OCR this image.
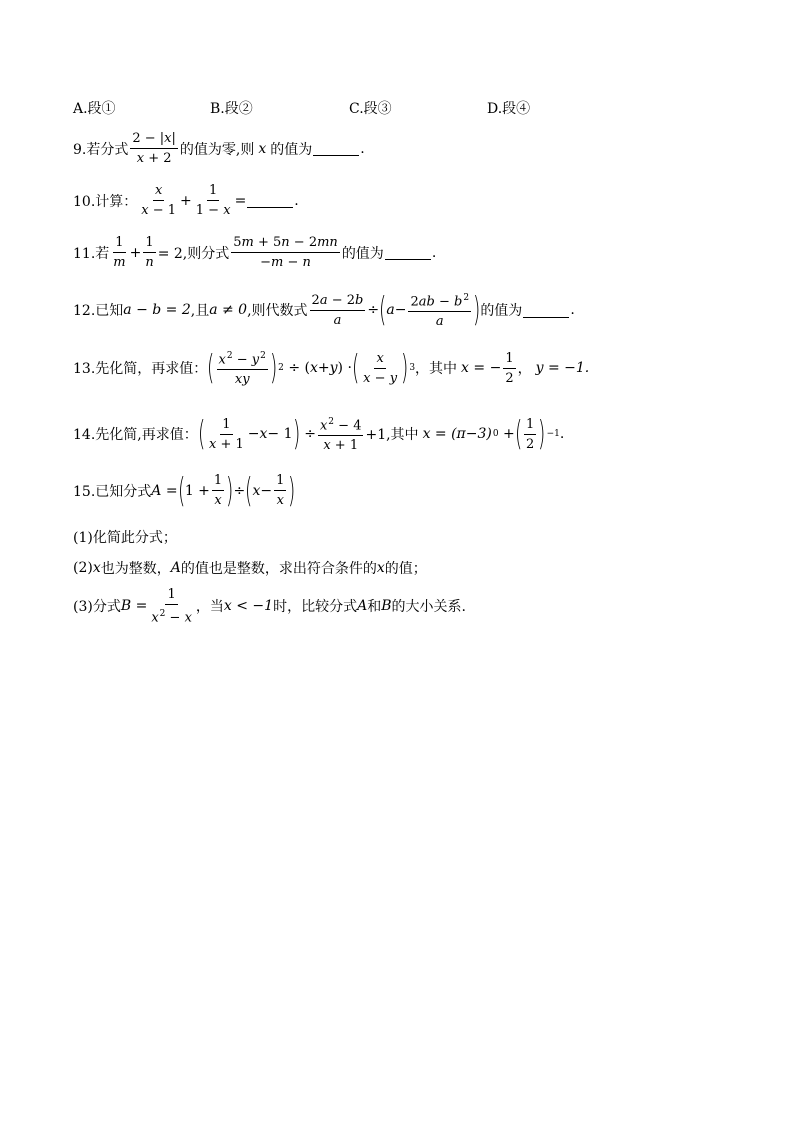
A.段①	B.段②	C.段③	D.段④
9.若分式 $\frac{2 - |x|}{x + 2}$ 的值为零,则 x 的值为	.
10.计算： $\frac{x}{x - 1} + \frac{1}{1 - x}$ =	.
11.若 $\frac{1}{m} + \frac{1}{n} = 2$,则分式 $\frac{5m + 5n - 2mn}{-m - n}$ 的值为	.
12.已知 a − b = 2 ,且 a ≠ 0 ,则代数式 $\frac{2a - 2b}{a}$ ÷ ( $a - \frac{2ab - b^2}{a}$ ) 的值为	.
13.先化简，再求值： ( $\frac{x^2 - y^2}{xy}$ ) 2 ÷ ( x + y ) · ( $\frac{x}{x - y}$ ) 3 ，其中 x = − $\frac{1}{2}$ ， y = −1.
14.先化简,再求值： ( $\frac{1}{x + 1} - x - 1$ ) ÷ $\frac{x^2 - 4}{x + 1} +1$,其中 x = (π−3) 0 + ( $\frac{1}{2}$ ) −1 .
15.已知分式 A = ( $1 + \frac{1}{x}$ ) ÷ ( $x - \frac{1}{x}$ )
(1)化简此分式；
(2) x 也为整数， A 的值也是整数，求出符合条件的 x 的值；
(3)分式 $B = \frac{1}{x^2 - x}$ ，当 x < −1 时，比较分式 A 和 B 的大小关系.
